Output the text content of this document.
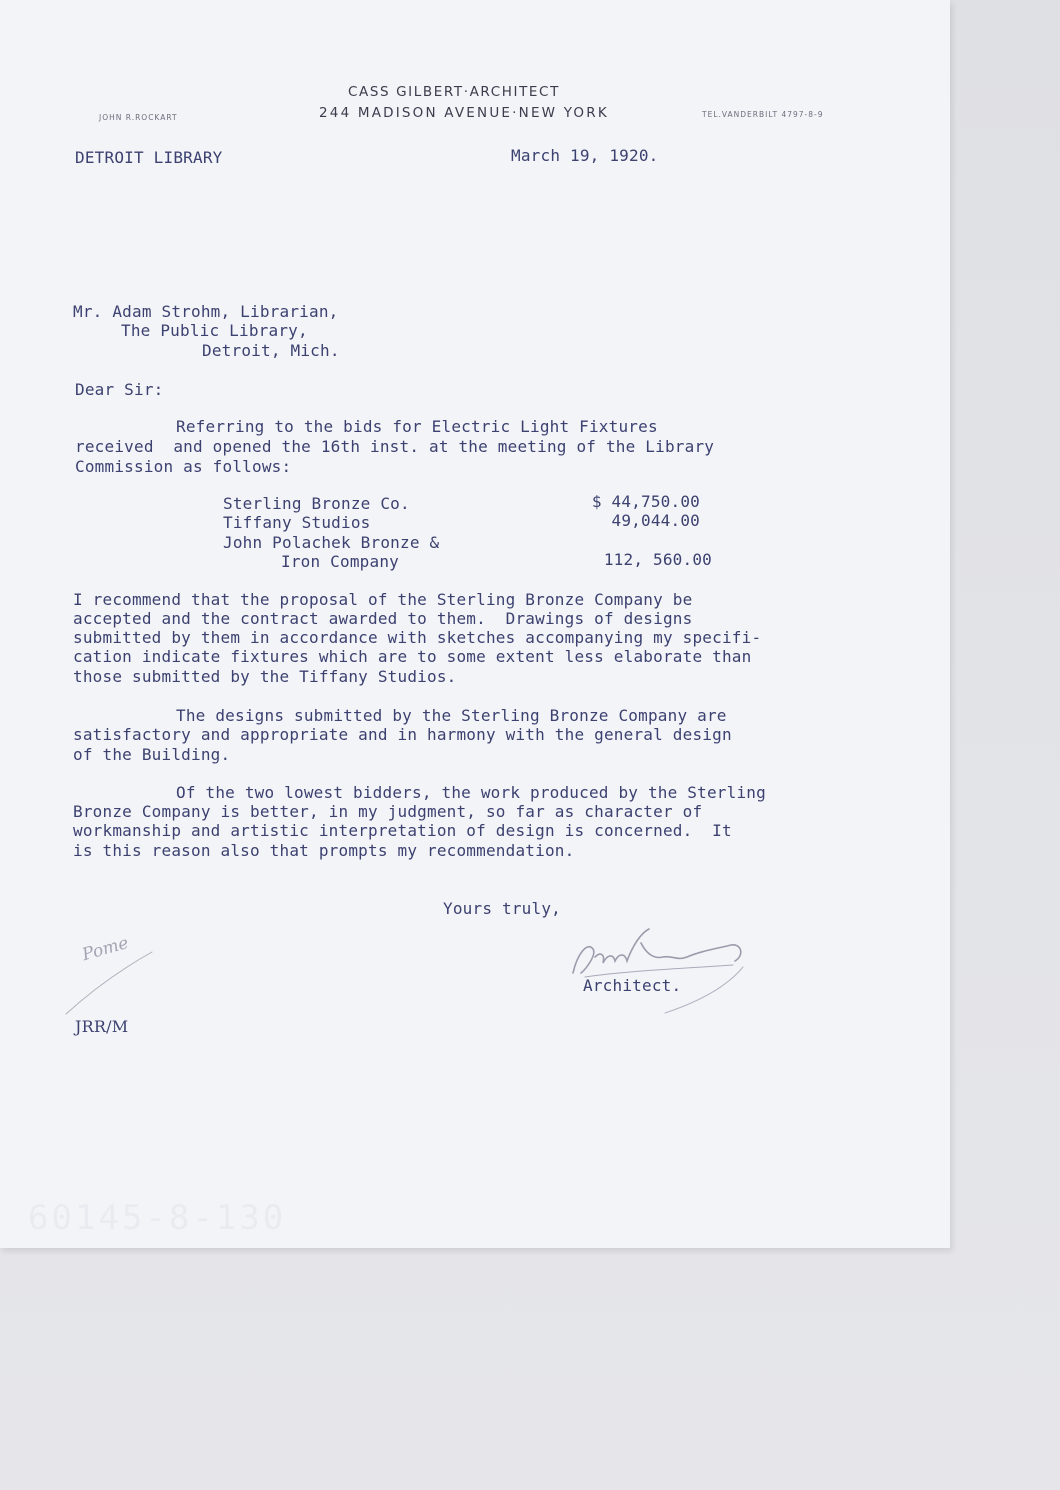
CASS GILBERT·ARCHITECT
244 MADISON AVENUE·NEW YORK
JOHN R.ROCKART	TEL.VANDERBILT 4797-8-9
DETROIT LIBRARY	March 19, 1920.
Mr. Adam Strohm, Librarian,
The Public Library,
Detroit, Mich.
Dear Sir:
Referring to the bids for Electric Light Fixtures
received  and opened the 16th inst. at the meeting of the Library
Commission as follows:
Sterling Bronze Co.	$ 44,750.00
Tiffany Studios	49,044.00
John Polachek Bronze &
Iron Company	112, 560.00
I recommend that the proposal of the Sterling Bronze Company be
accepted and the contract awarded to them.  Drawings of designs
submitted by them in accordance with sketches accompanying my specifi-
cation indicate fixtures which are to some extent less elaborate than
those submitted by the Tiffany Studios.
The designs submitted by the Sterling Bronze Company are
satisfactory and appropriate and in harmony with the general design
of the Building.
Of the two lowest bidders, the work produced by the Sterling
Bronze Company is better, in my judgment, so far as character of
workmanship and artistic interpretation of design is concerned.  It
is this reason also that prompts my recommendation.
Yours truly,
Architect.
Pome
JRR/M
60145-8-130
